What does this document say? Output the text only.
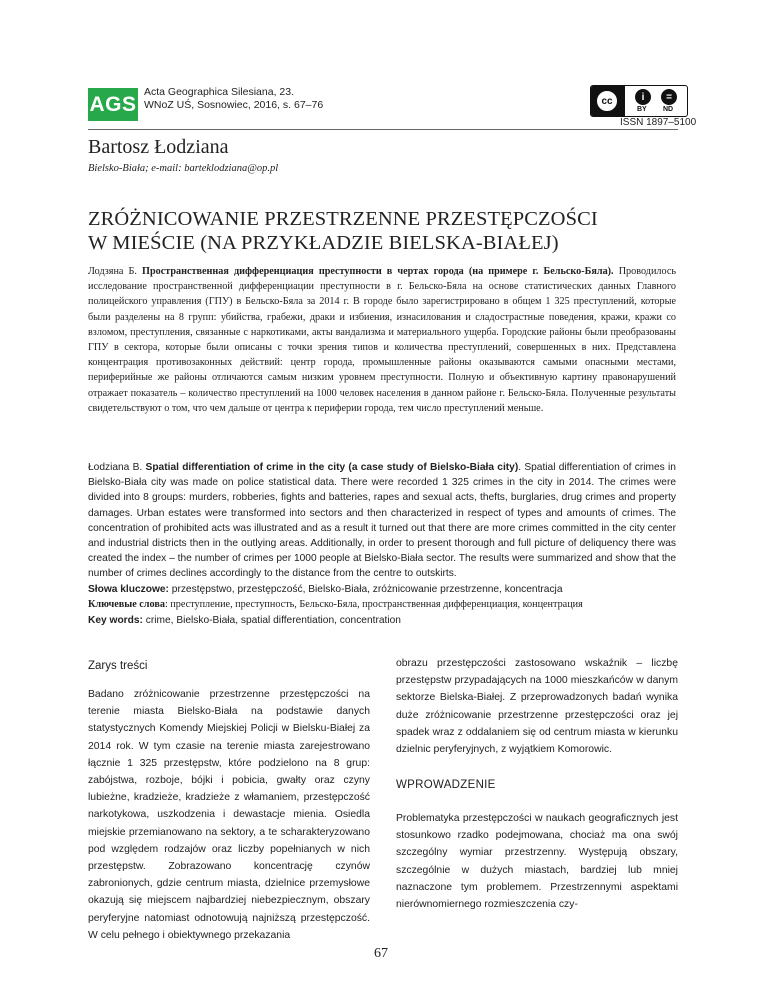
AGS
Acta Geographica Silesiana, 23.
WNoZ UŚ, Sosnowiec, 2016, s. 67–76	cc	i	=
BY ND
ISSN 1897–5100
Bartosz Łodziana
Bielsko-Biała; e-mail: barteklodziana@op.pl
ZRÓŻNICOWANIE PRZESTRZENNE PRZESTĘPCZOŚCI
W MIEŚCIE (NA PRZYKŁADZIE BIELSKA-BIAŁEJ)
Лодзяна Б. Пространственная дифференциация преступности в чертах города (на примере г. Бельско-Бяла). Проводилось исследование пространственной дифференциации преступности в г. Бельско-Бяла на основе статистических данных Главного полицейского управления (ГПУ) в Бельско-Бяла за 2014 г. В городе было зарегистрировано в общем 1 325 преступлений, которые были разделены на 8 групп: убийства, грабежи, драки и избиения, изнасилования и сладострастные поведения, кражи, кражи со взломом, преступления, связанные с наркотиками, акты вандализма и материального ущерба. Городские районы были преобразованы ГПУ в сектора, которые были описаны с точки зрения типов и количества преступлений, совершенных в них. Представлена концентрация противозаконных действий: центр города, промышленные районы оказываются самыми опасными местами, периферийные же районы отличаются самым низким уровнем преступности. Полную и объективную картину правонарушений отражает показатель – количество преступлений на 1000 человек населения в данном районе г. Бельско-Бяла. Полученные результаты свидетельствуют о том, что чем дальше от центра к периферии города, тем число преступлений меньше.
Łodziana B. Spatial differentiation of crime in the city (a case study of Bielsko-Biała city). Spatial differentiation of crimes in Bielsko-Biała city was made on police statistical data. There were recorded 1 325 crimes in the city in 2014. The crimes were divided into 8 groups: murders, robberies, fights and batteries, rapes and sexual acts, thefts, burglaries, drug crimes and property damages. Urban estates were transformed into sectors and then characterized in respect of types and amounts of crimes. The concentration of prohibited acts was illustrated and as a result it turned out that there are more crimes committed in the city center and industrial districts then in the outlying areas. Additionally, in order to present thorough and full picture of deliquency there was created the index – the number of crimes per 1000 people at Bielsko-Biała sector. The results were summarized and show that the number of crimes declines accordingly to the distance from the centre to outskirts.
Słowa kluczowe: przestępstwo, przestępczość, Bielsko-Biała, zróżnicowanie przestrzenne, koncentracja
Ключевые слова: преступление, преступность, Бельско-Бяла, пространственная дифференциация, концентрация
Key words: crime, Bielsko-Biała, spatial differentiation, concentration
Zarys treści
Badano zróżnicowanie przestrzenne przestępczości na terenie miasta Bielsko-Biała na podstawie danych statystycznych Komendy Miejskiej Policji w Bielsku-Białej za 2014 rok. W tym czasie na terenie miasta zarejestrowano łącznie 1 325 przestępstw, które podzielono na 8 grup: zabójstwa, rozboje, bójki i pobicia, gwałty oraz czyny lubieżne, kradzieże, kradzieże z włamaniem, przestępczość narkotykowa, uszkodzenia i dewastacje mienia. Osiedla miejskie przemianowano na sektory, a te scharakteryzowano pod względem rodzajów oraz liczby popełnianych w nich przestępstw. Zobrazowano koncentrację czynów zabronionych, gdzie centrum miasta, dzielnice przemysłowe okazują się miejscem najbardziej niebezpiecznym, obszary peryferyjne natomiast odnotowują najniższą przestępczość. W celu pełnego i obiektywnego przekazania
obrazu przestępczości zastosowano wskaźnik – liczbę przestępstw przypadających na 1000 mieszkańców w danym sektorze Bielska-Białej. Z przeprowadzonych badań wynika duże zróżnicowanie przestrzenne przestępczości oraz jej spadek wraz z oddalaniem się od centrum miasta w kierunku dzielnic peryferyjnych, z wyjątkiem Komorowic.
WPROWADZENIE
Problematyka przestępczości w naukach geograficznych jest stosunkowo rzadko podejmowana, chociaż ma ona swój szczególny wymiar przestrzenny. Występują obszary, szczególnie w dużych miastach, bardziej lub mniej naznaczone tym problemem. Przestrzennymi aspektami nierównomiernego rozmieszczenia czy-
67
